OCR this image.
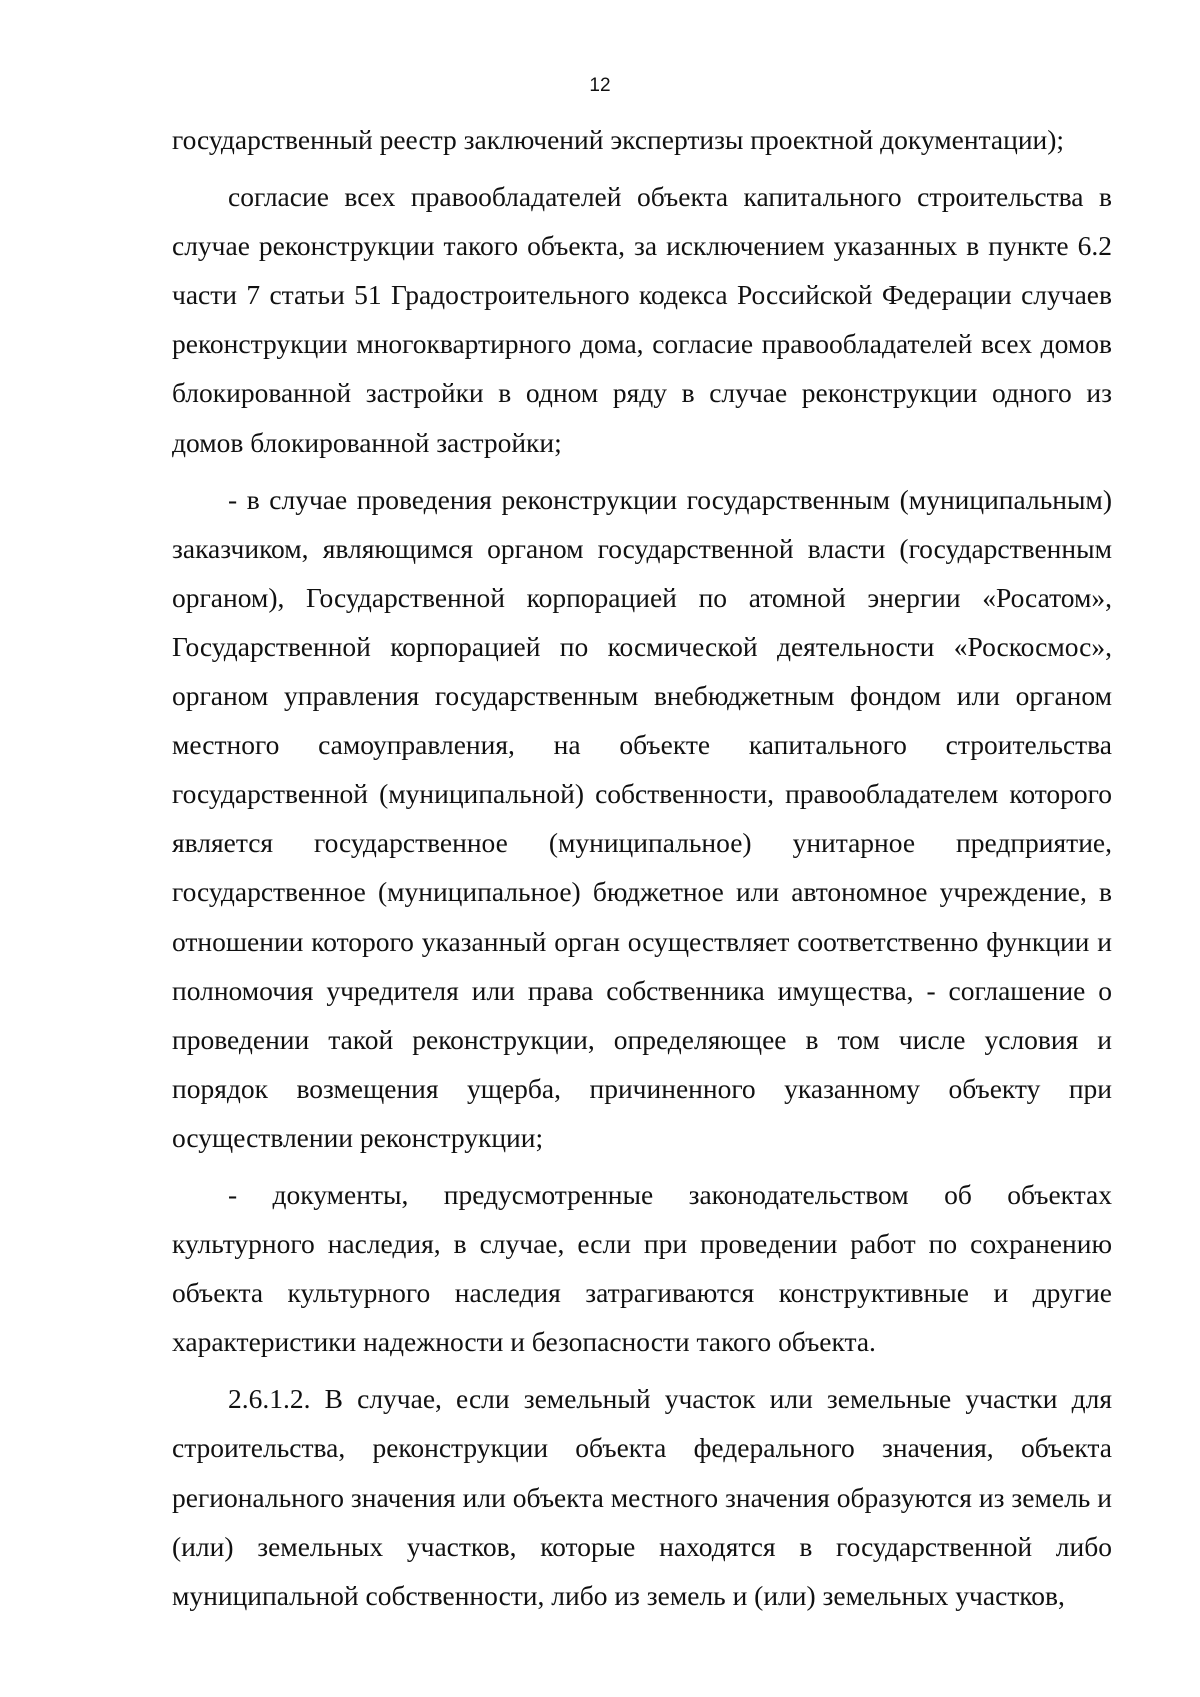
12

государственный реестр заключений экспертизы проектной документации);

согласие всех правообладателей объекта капитального строительства в случае реконструкции такого объекта, за исключением указанных в пункте 6.2 части 7 статьи 51 Градостроительного кодекса Российской Федерации случаев реконструкции многоквартирного дома, согласие правообладателей всех домов блокированной застройки в одном ряду в случае реконструкции одного из домов блокированной застройки;

- в случае проведения реконструкции государственным (муниципальным) заказчиком, являющимся органом государственной власти (государственным органом), Государственной корпорацией по атомной энергии «Росатом», Государственной корпорацией по космической деятельности «Роскосмос», органом управления государственным внебюджетным фондом или органом местного самоуправления, на объекте капитального строительства государственной (муниципальной) собственности, правообладателем которого является государственное (муниципальное) унитарное предприятие, государственное (муниципальное) бюджетное или автономное учреждение, в отношении которого указанный орган осуществляет соответственно функции и полномочия учредителя или права собственника имущества, - соглашение о проведении такой реконструкции, определяющее в том числе условия и порядок возмещения ущерба, причиненного указанному объекту при осуществлении реконструкции;

- документы, предусмотренные законодательством об объектах культурного наследия, в случае, если при проведении работ по сохранению объекта культурного наследия затрагиваются конструктивные и другие характеристики надежности и безопасности такого объекта.

2.6.1.2. В случае, если земельный участок или земельные участки для строительства, реконструкции объекта федерального значения, объекта регионального значения или объекта местного значения образуются из земель и (или) земельных участков, которые находятся в государственной либо муниципальной собственности, либо из земель и (или) земельных участков,
